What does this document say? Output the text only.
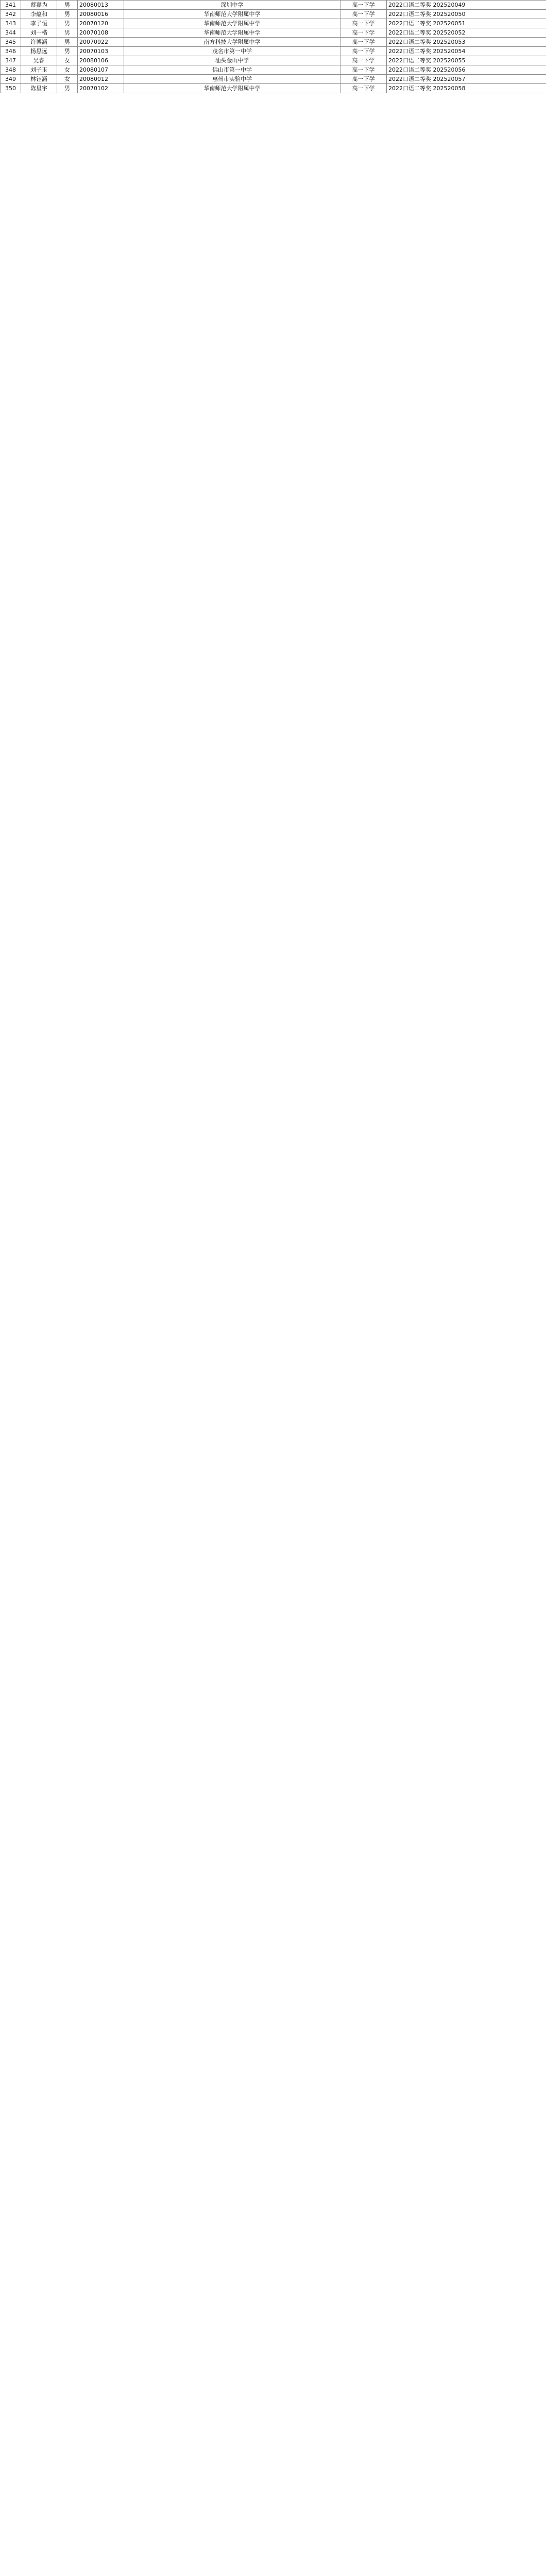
341	蔡嘉为	男	20080013	深圳中学	高一下学	2022口语二等奖 202520049
342	李蕴和	男	20080016	华南师范大学附属中学	高一下学	2022口语二等奖 202520050
343	李子恒	男	20070120	华南师范大学附属中学	高一下学	2022口语二等奖 202520051
344	刘一楷	男	20070108	华南师范大学附属中学	高一下学	2022口语二等奖 202520052
345	许博涵	男	20070922	南方科技大学附属中学	高一下学	2022口语二等奖 202520053
346	杨思远	男	20070103	茂名市第一中学	高一下学	2022口语二等奖 202520054
347	吴睿	女	20080106	汕头金山中学	高一下学	2022口语二等奖 202520055
348	刘子玉	女	20080107	佛山市第一中学	高一下学	2022口语二等奖 202520056
349	林钰涵	女	20080012	惠州市实验中学	高一下学	2022口语二等奖 202520057
350	陈星宇	男	20070102	华南师范大学附属中学	高一下学	2022口语二等奖 202520058
